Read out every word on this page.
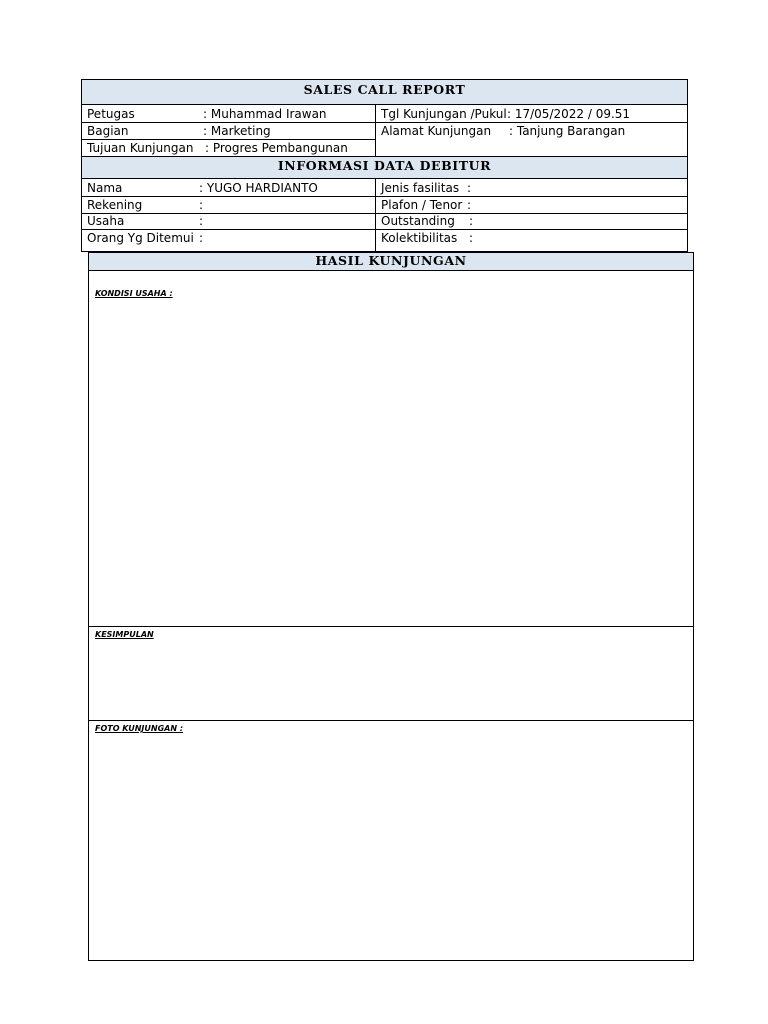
SALES CALL REPORT
Petugas	: Muhammad Irawan
Bagian	: Marketing
Tujuan Kunjungan : Progres Pembangunan
Tgl Kunjungan /Pukul : 17/05/2022 / 09.51
Alamat Kunjungan : Tanjung Barangan
INFORMASI DATA DEBITUR
Nama	: YUGO HARDIANTO
Rekening	:
Usaha	:
Orang Yg Ditemui :
Jenis fasilitas :
Plafon / Tenor :
Outstanding :
Kolektibilitas :
HASIL KUNJUNGAN
KONDISI USAHA :
KESIMPULAN
FOTO KUNJUNGAN :
